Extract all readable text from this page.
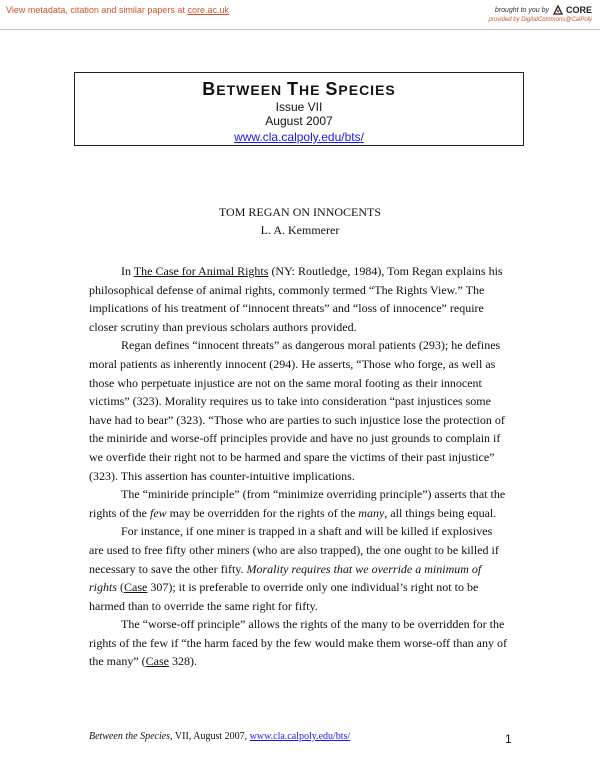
View metadata, citation and similar papers at core.ac.uk	brought to you by CORE
provided by DigitalCommons@CalPoly
BETWEEN THE SPECIES
Issue VII
August 2007
www.cla.calpoly.edu/bts/
TOM REGAN ON INNOCENTS
L. A. Kemmerer

In The Case for Animal Rights (NY: Routledge, 1984), Tom Regan explains his philosophical defense of animal rights, commonly termed “The Rights View.” The implications of his treatment of “innocent threats” and “loss of innocence” require closer scrutiny than previous scholars authors provided.

Regan defines “innocent threats” as dangerous moral patients (293); he defines moral patients as inherently innocent (294). He asserts, “Those who forge, as well as those who perpetuate injustice are not on the same moral footing as their innocent victims” (323). Morality requires us to take into consideration “past injustices some have had to bear” (323). “Those who are parties to such injustice lose the protection of the miniride and worse-off principles provide and have no just grounds to complain if we overfide their right not to be harmed and spare the victims of their past injustice” (323). This assertion has counter-intuitive implications.

The “miniride principle” (from “minimize overriding principle”) asserts that the rights of the few may be overridden for the rights of the many, all things being equal.

For instance, if one miner is trapped in a shaft and will be killed if explosives are used to free fifty other miners (who are also trapped), the one ought to be killed if necessary to save the other fifty. Morality requires that we override a minimum of rights (Case 307); it is preferable to override only one individual’s right not to be harmed than to override the same right for fifty.

The “worse-off principle” allows the rights of the many to be overridden for the rights of the few if “the harm faced by the few would make them worse-off than any of the many” (Case 328).

Between the Species, VII, August 2007, www.cla.calpoly.edu/bts/	1
